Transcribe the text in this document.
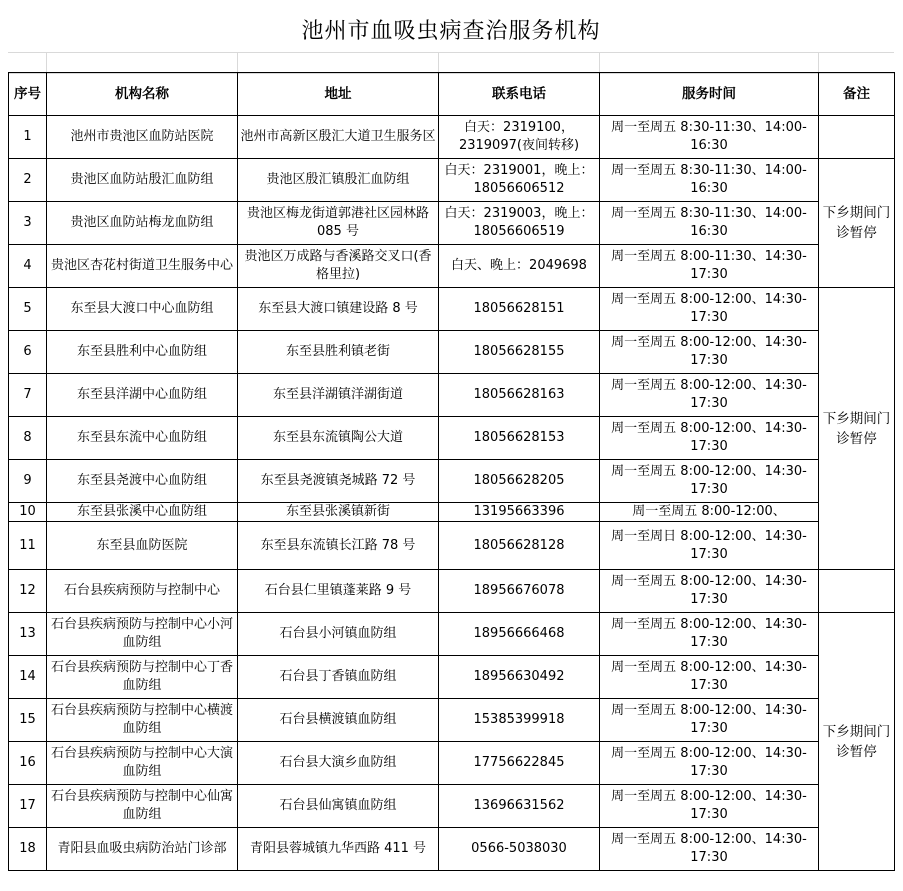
池州市血吸虫病查治服务机构
序号	机构名称	地址	联系电话	服务时间	备注	
1	池州市贵池区血防站医院	池州市高新区殷汇大道卫生服务区	白天：2319100，2319097(夜间转移)	周一至周五 8:30-11:30、14:00-16:30		
2	贵池区血防站殷汇血防组	贵池区殷汇镇殷汇血防组	白天：2319001，晚上：18056606512	周一至周五 8:30-11:30、14:00-16:30	下乡期间门诊暂停	
3	贵池区血防站梅龙血防组	贵池区梅龙街道郭港社区园林路 085 号	白天：2319003，晚上：18056606519	周一至周五 8:30-11:30、14:00-16:30		
4	贵池区杏花村街道卫生服务中心	贵池区万成路与香溪路交叉口(香格里拉)	白天、晚上：2049698	周一至周五 8:00-11:30、14:30-17:30		
5	东至县大渡口中心血防组	东至县大渡口镇建设路 8 号	18056628151	周一至周五 8:00-12:00、14:30-17:30	下乡期间门诊暂停	
6	东至县胜利中心血防组	东至县胜利镇老街	18056628155	周一至周五 8:00-12:00、14:30-17:30		
7	东至县洋湖中心血防组	东至县洋湖镇洋湖街道	18056628163	周一至周五 8:00-12:00、14:30-17:30		
8	东至县东流中心血防组	东至县东流镇陶公大道	18056628153	周一至周五 8:00-12:00、14:30-17:30		
9	东至县尧渡中心血防组	东至县尧渡镇尧城路 72 号	18056628205	周一至周五 8:00-12:00、14:30-17:30		
10	东至县张溪中心血防组	东至县张溪镇新街	13195663396	周一至周五 8:00-12:00、		
11	东至县血防医院	东至县东流镇长江路 78 号	18056628128	周一至周日 8:00-12:00、14:30-17:30		
12	石台县疾病预防与控制中心	石台县仁里镇蓬莱路 9 号	18956676078	周一至周五 8:00-12:00、14:30-17:30		
13	石台县疾病预防与控制中心小河血防组	石台县小河镇血防组	18956666468	周一至周五 8:00-12:00、14:30-17:30	下乡期间门诊暂停	
14	石台县疾病预防与控制中心丁香血防组	石台县丁香镇血防组	18956630492	周一至周五 8:00-12:00、14:30-17:30		
15	石台县疾病预防与控制中心横渡血防组	石台县横渡镇血防组	15385399918	周一至周五 8:00-12:00、14:30-17:30		
16	石台县疾病预防与控制中心大演血防组	石台县大演乡血防组	17756622845	周一至周五 8:00-12:00、14:30-17:30		
17	石台县疾病预防与控制中心仙寓血防组	石台县仙寓镇血防组	13696631562	周一至周五 8:00-12:00、14:30-17:30		
18	青阳县血吸虫病防治站门诊部	青阳县蓉城镇九华西路 411 号	0566-5038030	周一至周五 8:00-12:00、14:30-17:30		
